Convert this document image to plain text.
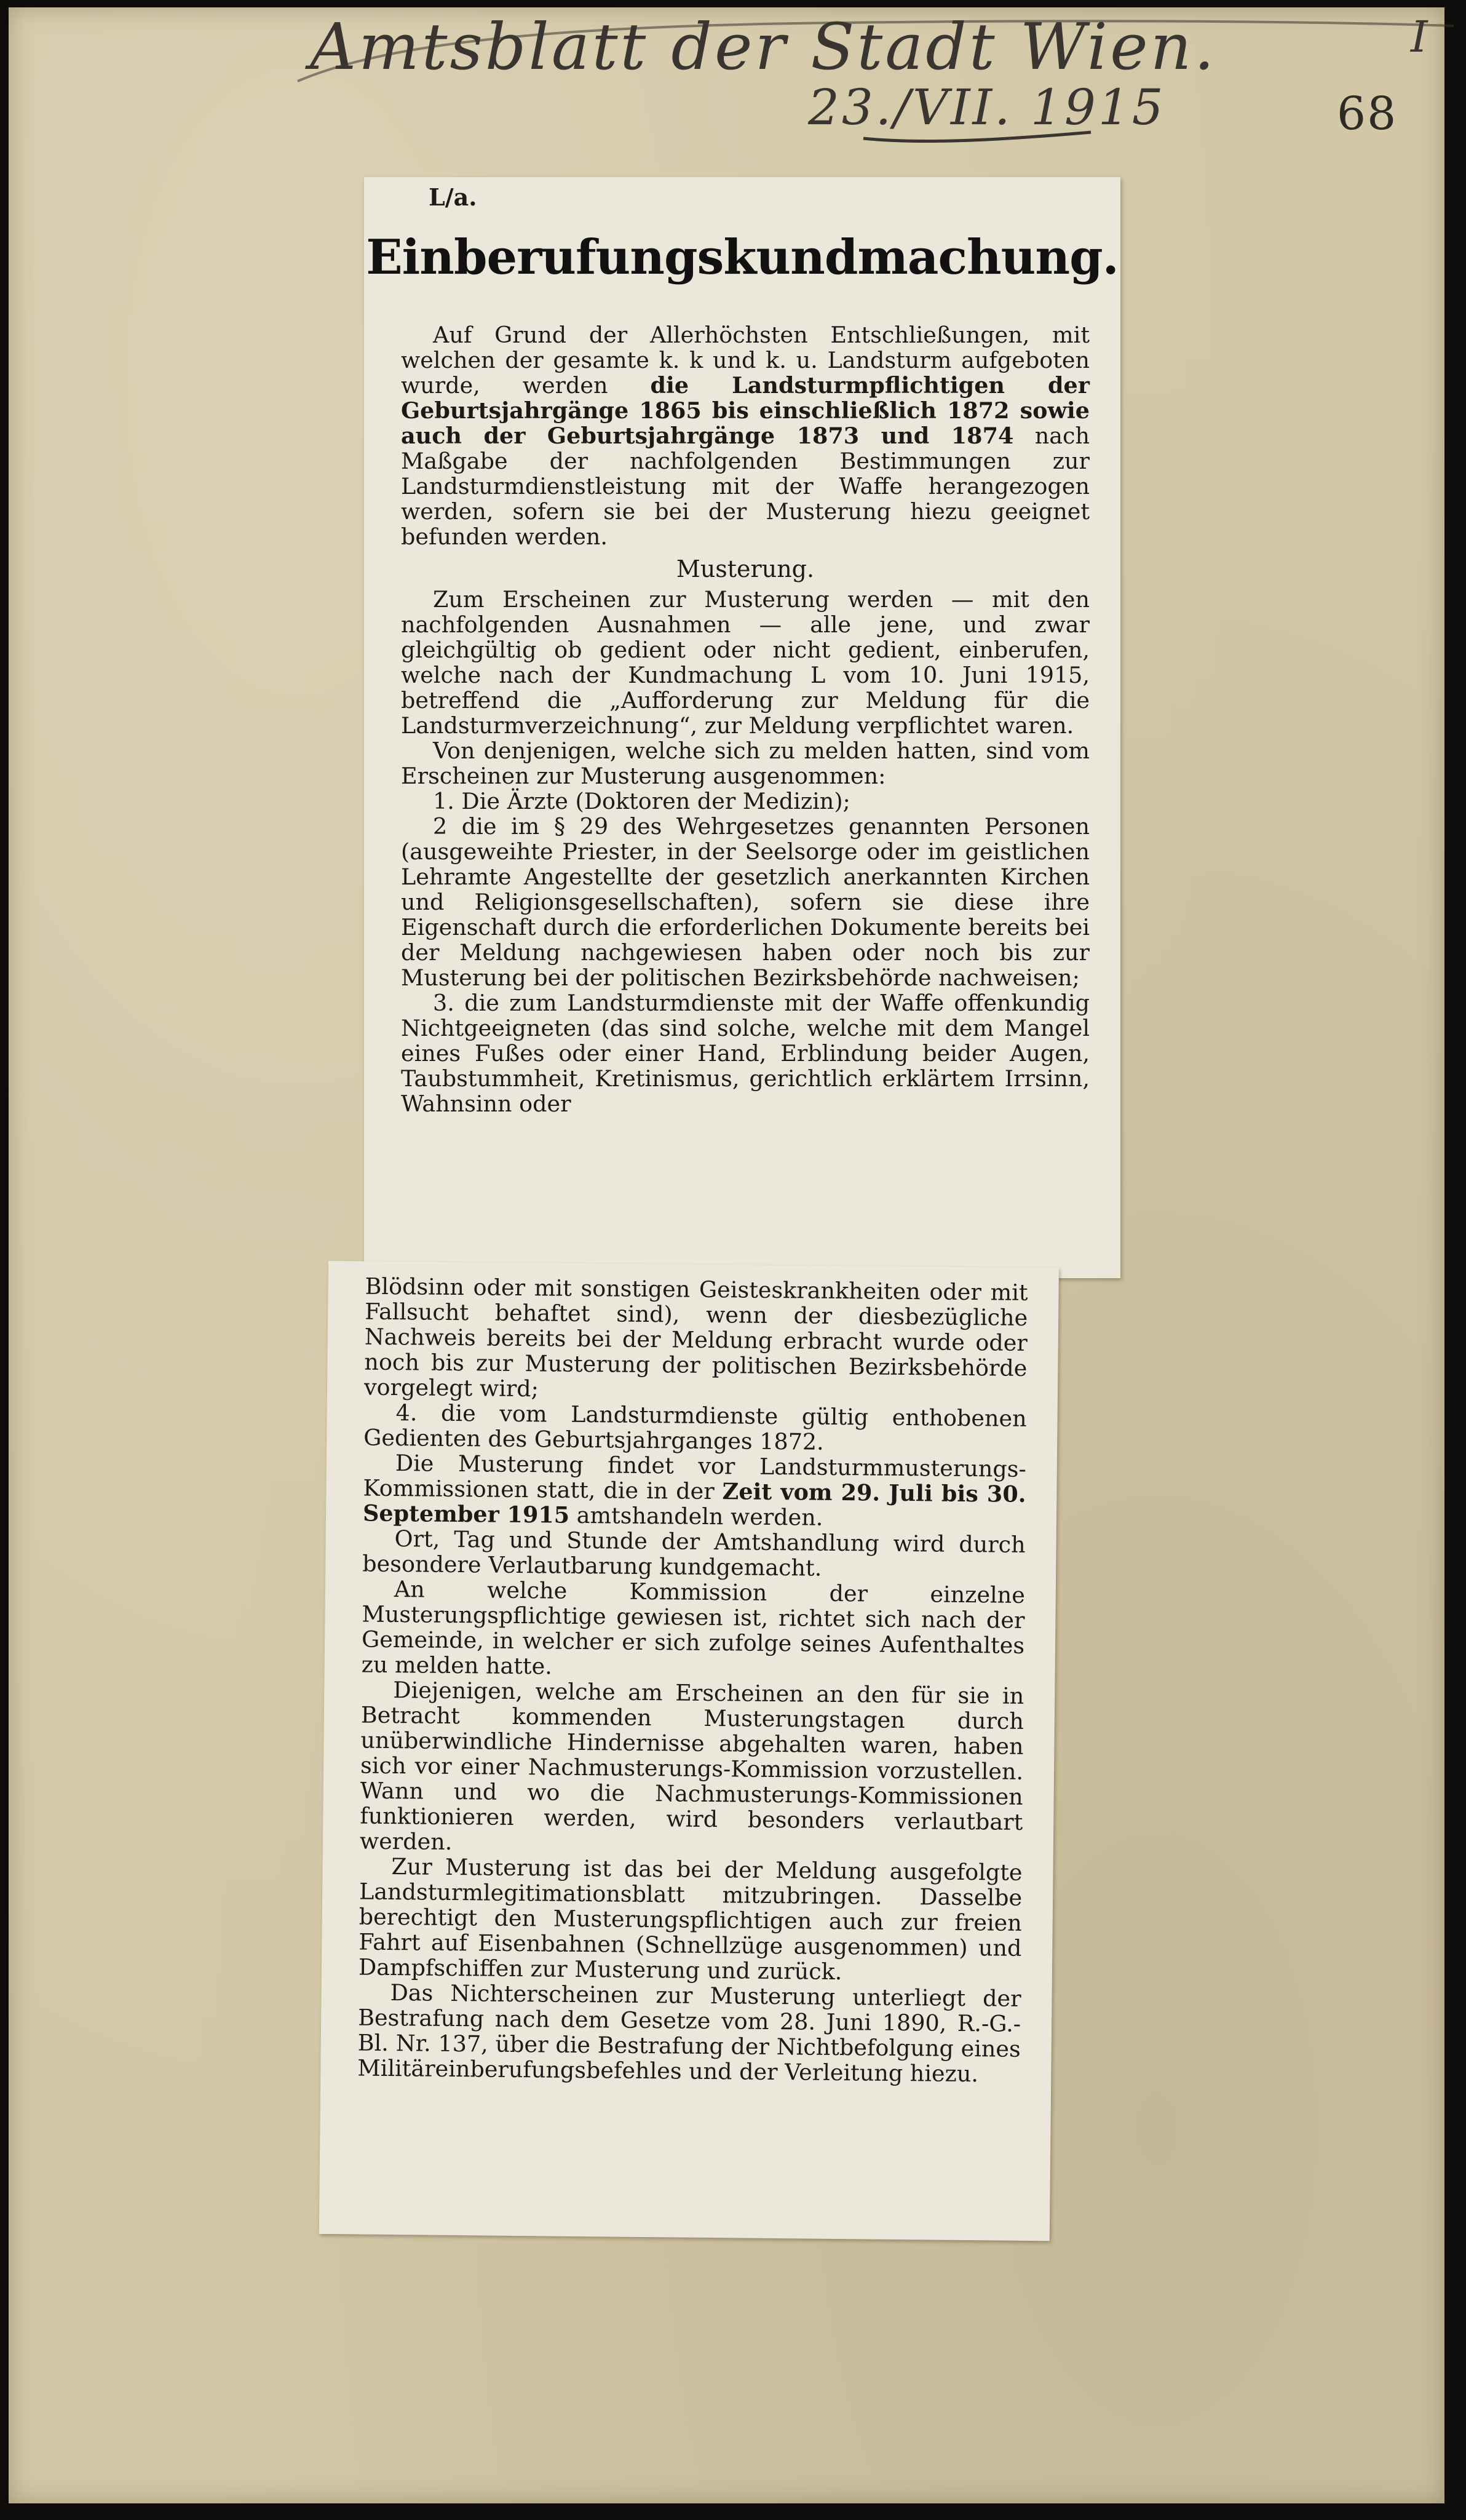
Amtsblatt der Stadt Wien.	I
23./VII. 1915	68
L/a.
Einberufungskundmachung.

Auf Grund der Allerhöchsten Entschließungen, mit welchen der gesamte k. k und k. u. Landsturm aufgeboten wurde, werden die Landsturmpflichtigen der Geburtsjahrgänge 1865 bis einschließlich 1872 sowie auch der Geburtsjahrgänge 1873 und 1874 nach Maßgabe der nachfolgenden Bestimmungen zur Landsturmdienstleistung mit der Waffe herangezogen werden, sofern sie bei der Musterung hiezu geeignet befunden werden.

Musterung.

Zum Erscheinen zur Musterung werden — mit den nachfolgenden Ausnahmen — alle jene, und zwar gleichgültig ob gedient oder nicht gedient, einberufen, welche nach der Kundmachung L vom 10. Juni 1915, betreffend die „Aufforderung zur Meldung für die Landsturmverzeichnung“, zur Meldung verpflichtet waren.

Von denjenigen, welche sich zu melden hatten, sind vom Erscheinen zur Musterung ausgenommen:

1. Die Ärzte (Doktoren der Medizin);

2 die im § 29 des Wehrgesetzes genannten Personen (ausgeweihte Priester, in der Seelsorge oder im geistlichen Lehramte Angestellte der gesetzlich anerkannten Kirchen und Religionsgesellschaften), sofern sie diese ihre Eigenschaft durch die erforderlichen Dokumente bereits bei der Meldung nachgewiesen haben oder noch bis zur Musterung bei der politischen Bezirksbehörde nachweisen;

3. die zum Landsturmdienste mit der Waffe offenkundig Nichtgeeigneten (das sind solche, welche mit dem Mangel eines Fußes oder einer Hand, Erblindung beider Augen, Taubstummheit, Kretinismus, gerichtlich erklärtem Irrsinn, Wahnsinn oder

Blödsinn oder mit sonstigen Geisteskrankheiten oder mit Fallsucht behaftet sind), wenn der diesbezügliche Nachweis bereits bei der Meldung erbracht wurde oder noch bis zur Musterung der politischen Bezirksbehörde vorgelegt wird;

4. die vom Landsturmdienste gültig enthobenen Gedienten des Geburtsjahrganges 1872.

Die Musterung findet vor Landsturmmusterungs-Kommissionen statt, die in der Zeit vom 29. Juli bis 30. September 1915 amtshandeln werden.

Ort, Tag und Stunde der Amtshandlung wird durch besondere Verlautbarung kundgemacht.

An welche Kommission der einzelne Musterungspflichtige gewiesen ist, richtet sich nach der Gemeinde, in welcher er sich zufolge seines Aufenthaltes zu melden hatte.

Diejenigen, welche am Erscheinen an den für sie in Betracht kommenden Musterungstagen durch unüberwindliche Hindernisse abgehalten waren, haben sich vor einer Nachmusterungs-Kommission vorzustellen. Wann und wo die Nachmusterungs-Kommissionen funktionieren werden, wird besonders verlautbart werden.

Zur Musterung ist das bei der Meldung ausgefolgte Landsturmlegitimationsblatt mitzubringen. Dasselbe berechtigt den Musterungspflichtigen auch zur freien Fahrt auf Eisenbahnen (Schnellzüge ausgenommen) und Dampfschiffen zur Musterung und zurück.

Das Nichterscheinen zur Musterung unterliegt der Bestrafung nach dem Gesetze vom 28. Juni 1890, R.-G.-Bl. Nr. 137, über die Bestrafung der Nichtbefolgung eines Militäreinberufungsbefehles und der Verleitung hiezu.
